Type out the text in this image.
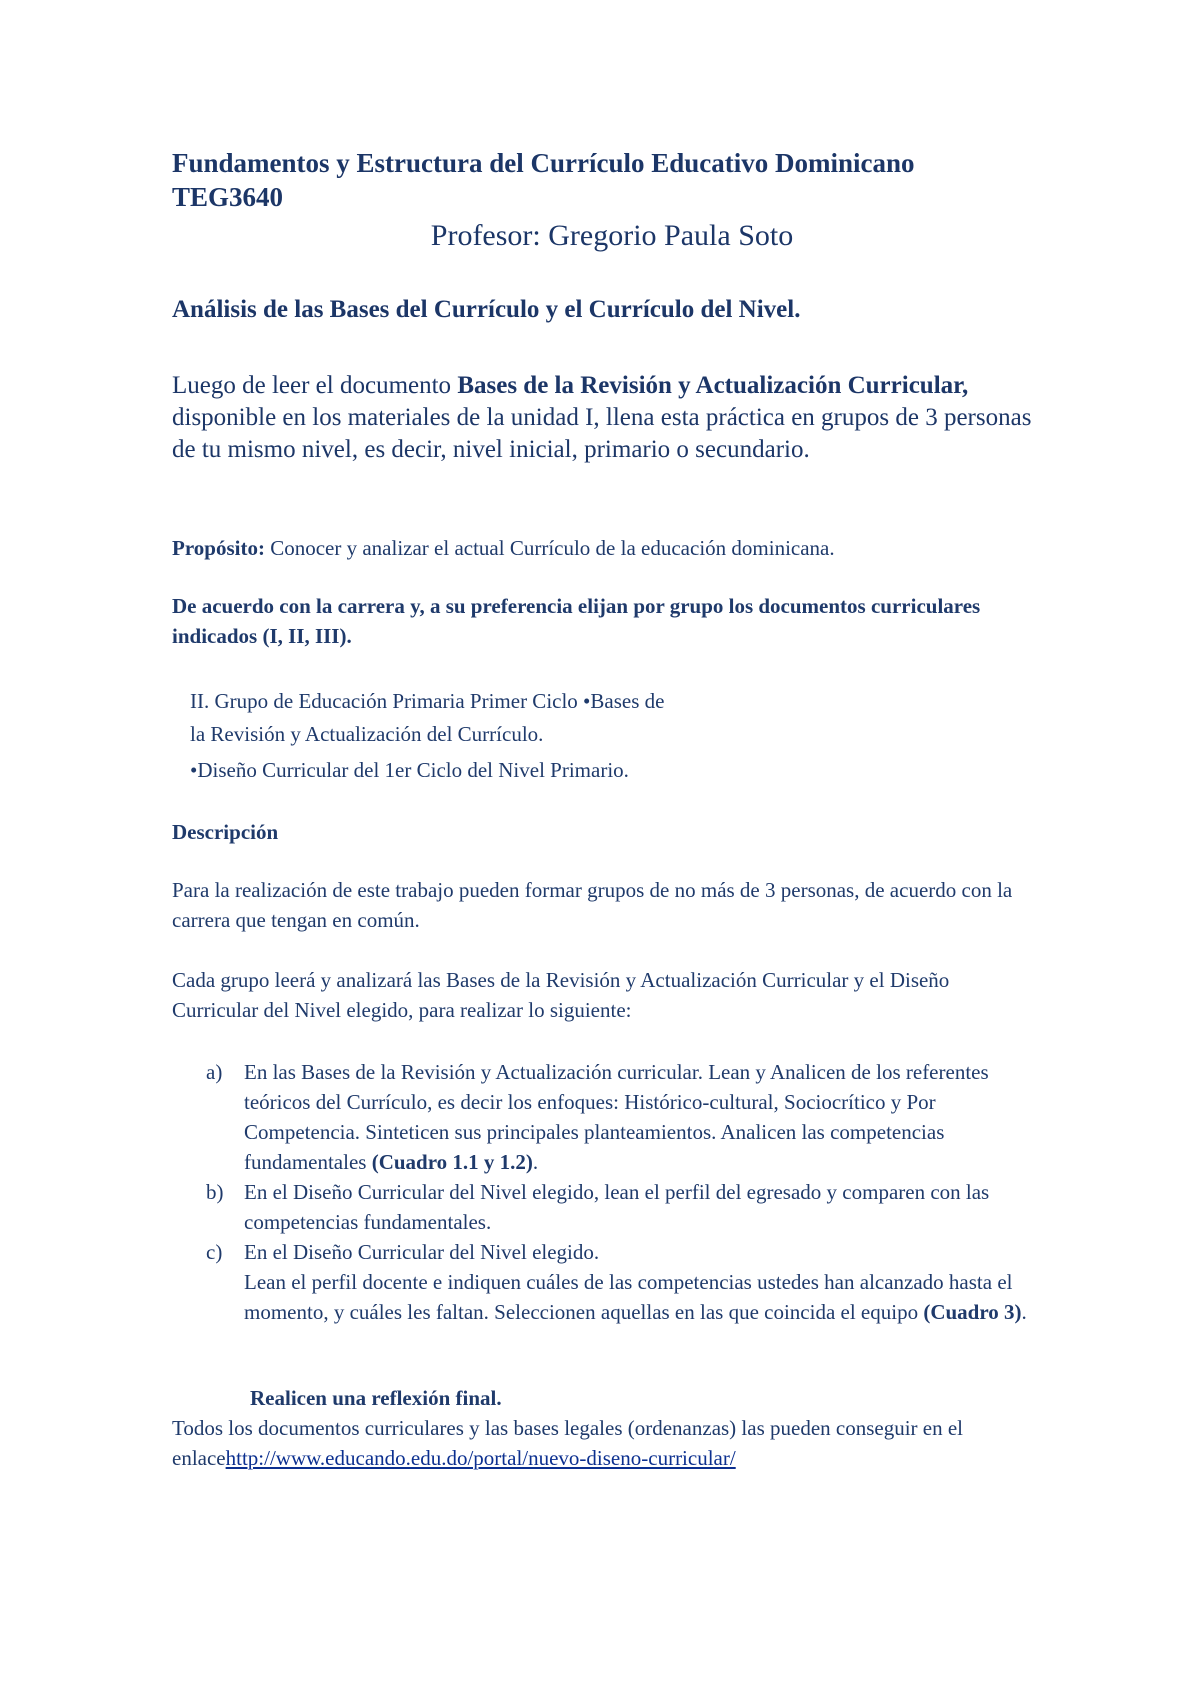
Fundamentos y Estructura del Currículo Educativo Dominicano
TEG3640
Profesor: Gregorio Paula Soto
Análisis de las Bases del Currículo y el Currículo del Nivel.
Luego de leer el documento Bases de la Revisión y Actualización Curricular, disponible en los materiales de la unidad I, llena esta práctica en grupos de 3 personas de tu mismo nivel, es decir, nivel inicial, primario o secundario.
Propósito: Conocer y analizar el actual Currículo de la educación dominicana.
De acuerdo con la carrera y, a su preferencia elijan por grupo los documentos curriculares indicados (I, II, III).
II. Grupo de Educación Primaria Primer Ciclo •Bases de
la Revisión y Actualización del Currículo.
•Diseño Curricular del 1er Ciclo del Nivel Primario.
Descripción
Para la realización de este trabajo pueden formar grupos de no más de 3 personas, de acuerdo con la carrera que tengan en común.
Cada grupo leerá y analizará las Bases de la Revisión y Actualización Curricular y el Diseño Curricular del Nivel elegido, para realizar lo siguiente:
a) En las Bases de la Revisión y Actualización curricular. Lean y Analicen de los referentes teóricos del Currículo, es decir los enfoques: Histórico-cultural, Sociocrítico y Por Competencia. Sinteticen sus principales planteamientos. Analicen las competencias fundamentales (Cuadro 1.1 y 1.2).
b) En el Diseño Curricular del Nivel elegido, lean el perfil del egresado y comparen con las competencias fundamentales.
c) En el Diseño Curricular del Nivel elegido.
Lean el perfil docente e indiquen cuáles de las competencias ustedes han alcanzado hasta el momento, y cuáles les faltan. Seleccionen aquellas en las que coincida el equipo (Cuadro 3).
Realicen una reflexión final.
Todos los documentos curriculares y las bases legales (ordenanzas) las pueden conseguir en el enlacehttp://www.educando.edu.do/portal/nuevo-diseno-curricular/
